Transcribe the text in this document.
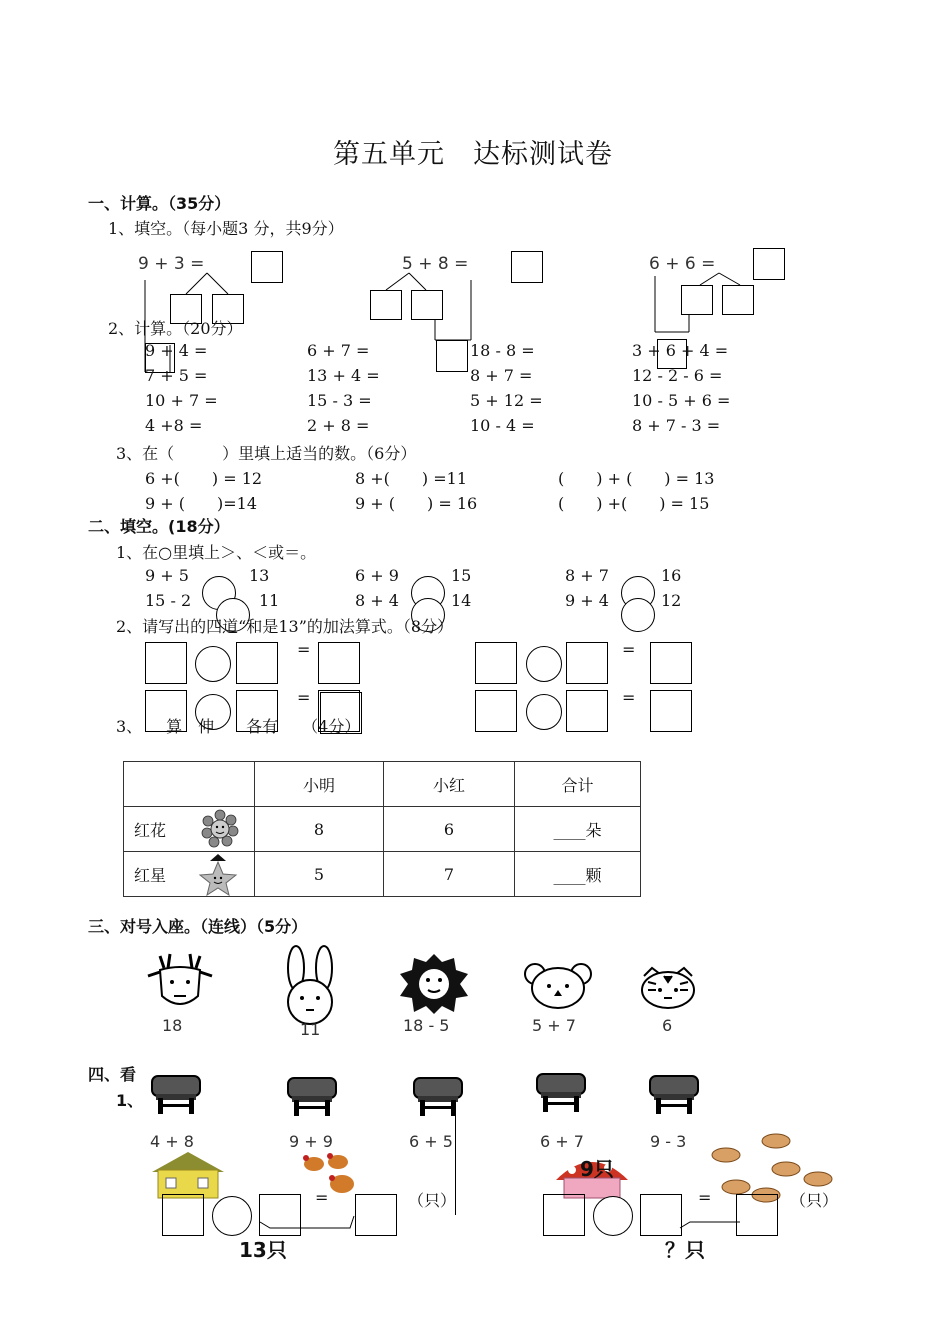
第五单元　达标测试卷
一、计算。（35分）
1、填空。（每小题3 分，共9分）
9 + 3 =	5 + 8 =	6 + 6 =
2、计算。（20分）
9 + 4 =	6 + 7 =	18 - 8 =	3 + 6 + 4 =
7 + 5 =	13 + 4 =	8 + 7 =	12 - 2 - 6 =
10 + 7 =	15 - 3 =	5 + 12 =	10 - 5 + 6 =
4 +8 =	2 + 8 =	10 - 4 =	8 + 7 - 3 =
3、在（　　　）里填上适当的数。（6分）
6 +(　　) = 12	8 +(　　) =11	(　　) + (　　) = 13
9 + (　　)=14	9 + (　　) = 16	(　　) +(　　) = 15
二、填空。(18分）
1、在○里填上＞、＜或＝。
9 + 5	13	6 + 9	15	8 + 7	16
15 - 2	11	8 + 4	14	9 + 4	12
2、请写出的四道“和是13”的加法算式。（8分）
=
=
=
=
3、　　算　伸　　各有　　（4分）
	小明	小红	合计
红花	8	6	____朵
红星	5	7	____颗
三、对号入座。（连线）（5分）
18	11	18 - 5	5 + 7	6
四、看
1、
4 + 8	9 + 9	6 + 5	6 + 7	9 - 3
=	（只）
13只
9只
=	（只）
？只
